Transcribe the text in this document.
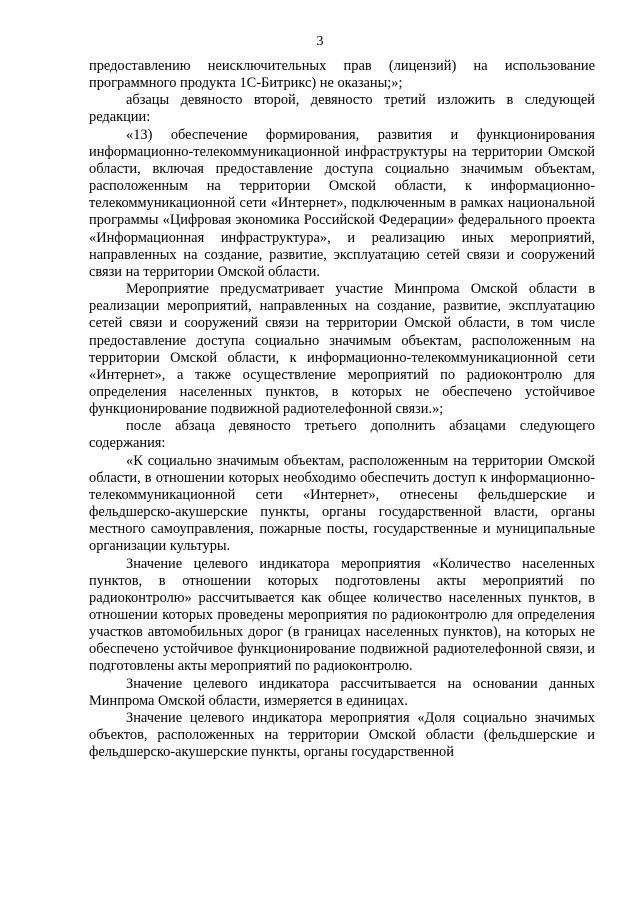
3

предоставлению неисключительных прав (лицензий) на использование программного продукта 1С-Битрикс) не оказаны;»;

абзацы девяносто второй, девяносто третий изложить в следующей редакции:

«13) обеспечение формирования, развития и функционирования информационно-телекоммуникационной инфраструктуры на территории Омской области, включая предоставление доступа социально значимым объектам, расположенным на территории Омской области, к информационно-телекоммуникационной сети «Интернет», подключенным в рамках национальной программы «Цифровая экономика Российской Федерации» федерального проекта «Информационная инфраструктура», и реализацию иных мероприятий, направленных на создание, развитие, эксплуатацию сетей связи и сооружений связи на территории Омской области.

Мероприятие предусматривает участие Минпрома Омской области в реализации мероприятий, направленных на создание, развитие, эксплуатацию сетей связи и сооружений связи на территории Омской области, в том числе предоставление доступа социально значимым объектам, расположенным на территории Омской области, к информационно-телекоммуникационной сети «Интернет», а также осуществление мероприятий по радиоконтролю для определения населенных пунктов, в которых не обеспечено устойчивое функционирование подвижной радиотелефонной связи.»;

после абзаца девяносто третьего дополнить абзацами следующего содержания:

«К социально значимым объектам, расположенным на территории Омской области, в отношении которых необходимо обеспечить доступ к информационно-телекоммуникационной сети «Интернет», отнесены фельдшерские и фельдшерско-акушерские пункты, органы государственной власти, органы местного самоуправления, пожарные посты, государственные и муниципальные организации культуры.

Значение целевого индикатора мероприятия «Количество населенных пунктов, в отношении которых подготовлены акты мероприятий по радиоконтролю» рассчитывается как общее количество населенных пунктов, в отношении которых проведены мероприятия по радиоконтролю для определения участков автомобильных дорог (в границах населенных пунктов), на которых не обеспечено устойчивое функционирование подвижной радиотелефонной связи, и подготовлены акты мероприятий по радиоконтролю.

Значение целевого индикатора рассчитывается на основании данных Минпрома Омской области, измеряется в единицах.

Значение целевого индикатора мероприятия «Доля социально значимых объектов, расположенных на территории Омской области (фельдшерские и фельдшерско-акушерские пункты, органы государственной
